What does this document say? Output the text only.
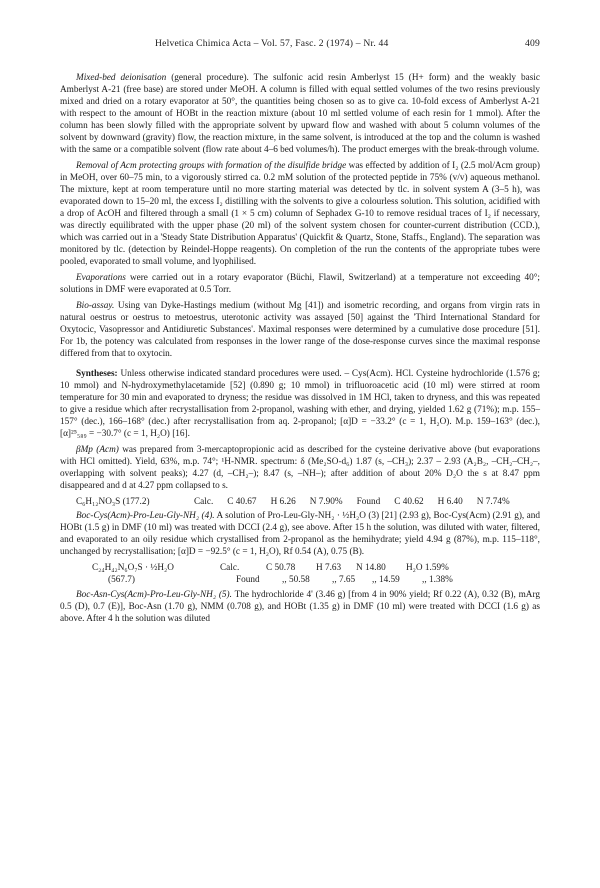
Helvetica Chimica Acta – Vol. 57, Fasc. 2 (1974) – Nr. 44	409

Mixed-bed deionisation (general procedure). The sulfonic acid resin Amberlyst 15 (H+ form) and the weakly basic Amberlyst A-21 (free base) are stored under MeOH. A column is filled with equal settled volumes of the two resins previously mixed and dried on a rotary evaporator at 50°, the quantities being chosen so as to give ca. 10-fold excess of Amberlyst A-21 with respect to the amount of HOBt in the reaction mixture (about 10 ml settled volume of each resin for 1 mmol). After the column has been slowly filled with the appropriate solvent by upward flow and washed with about 5 column volumes of the solvent by downward (gravity) flow, the reaction mixture, in the same solvent, is introduced at the top and the column is washed with the same or a compatible solvent (flow rate about 4–6 bed volumes/h). The product emerges with the break-through volume.

Removal of Acm protecting groups with formation of the disulfide bridge was effected by addition of I₂ (2.5 mol/Acm group) in MeOH, over 60–75 min, to a vigorously stirred ca. 0.2 mM solution of the protected peptide in 75% (v/v) aqueous methanol. The mixture, kept at room temperature until no more starting material was detected by tlc. in solvent system A (3–5 h), was evaporated down to 15–20 ml, the excess I₂ distilling with the solvents to give a colourless solution. This solution, acidified with a drop of AcOH and filtered through a small (1 × 5 cm) column of Sephadex G-10 to remove residual traces of I₂ if necessary, was directly equilibrated with the upper phase (20 ml) of the solvent system chosen for counter-current distribution (CCD.), which was carried out in a 'Steady State Distribution Apparatus' (Quickfit & Quartz, Stone, Staffs., England). The separation was monitored by tlc. (detection by Reindel-Hoppe reagents). On completion of the run the contents of the appropriate tubes were pooled, evaporated to small volume, and lyophilised.

Evaporations were carried out in a rotary evaporator (Büchi, Flawil, Switzerland) at a temperature not exceeding 40°; solutions in DMF were evaporated at 0.5 Torr.

Bio-assay. Using van Dyke-Hastings medium (without Mg [41]) and isometric recording, and organs from virgin rats in natural oestrus or oestrus to metoestrus, uterotonic activity was assayed [50] against the 'Third International Standard for Oxytocic, Vasopressor and Antidiuretic Substances'. Maximal responses were determined by a cumulative dose procedure [51]. For 1b, the potency was calculated from responses in the lower range of the dose-response curves since the maximal response differed from that to oxytocin.

Syntheses: Unless otherwise indicated standard procedures were used. – Cys(Acm). HCl. Cysteine hydrochloride (1.576 g; 10 mmol) and N-hydroxymethylacetamide [52] (0.890 g; 10 mmol) in trifluoroacetic acid (10 ml) were stirred at room temperature for 30 min and evaporated to dryness; the residue was dissolved in 1M HCl, taken to dryness, and this was repeated to give a residue which after recrystallisation from 2-propanol, washing with ether, and drying, yielded 1.62 g (71%); m.p. 155–157° (dec.), 166–168° (dec.) after recrystallisation from aq. 2-propanol; [α]D = −33.2° (c = 1, H₂O). M.p. 159–163° (dec.), [α]²⁵₅₈₉ = −30.7° (c = 1, H₂O) [16].

βMp (Acm) was prepared from 3-mercaptopropionic acid as described for the cysteine derivative above (but evaporations with HCl omitted). Yield, 63%, m.p. 74°; ¹H-NMR. spectrum: δ (Me₂SO-d₆) 1.87 (s, –CH₃); 2.37 – 2.93 (A₂B₂, –CH₂–CH₂–, overlapping with solvent peaks); 4.27 (d, –CH₂–); 8.47 (s, –NH–); after addition of about 20% D₂O the s at 8.47 ppm disappeared and d at 4.27 ppm collapsed to s.

C₆H₁₂NO₃S (177.2)	Calc. C 40.67 H 6.26 N 7.90% Found C 40.62 H 6.40 N 7.74%

Boc-Cys(Acm)-Pro-Leu-Gly-NH₂ (4). A solution of Pro-Leu-Gly-NH₂ · ½H₂O (3) [21] (2.93 g), Boc-Cys(Acm) (2.91 g), and HOBt (1.5 g) in DMF (10 ml) was treated with DCCI (2.4 g), see above. After 15 h the solution, was diluted with water, filtered, and evaporated to an oily residue which crystallised from 2-propanol as the hemihydrate; yield 4.94 g (87%), m.p. 115–118°, unchanged by recrystallisation; [α]D = −92.5° (c = 1, H₂O), Rf 0.54 (A), 0.75 (B).

C₂₄H₄₂N₆O₇S · ½H₂O	Calc.	C 50.78	H 7.63	N 14.80	H₂O 1.59%
(567.7)	Found	,, 50.58	,, 7.65	,, 14.59	,, 1.38%

Boc-Asn-Cys(Acm)-Pro-Leu-Gly-NH₂ (5). The hydrochloride 4' (3.46 g) [from 4 in 90% yield; Rf 0.22 (A), 0.32 (B), mArg 0.5 (D), 0.7 (E)], Boc-Asn (1.70 g), NMM (0.708 g), and HOBt (1.35 g) in DMF (10 ml) were treated with DCCI (1.6 g) as above. After 4 h the solution was diluted
